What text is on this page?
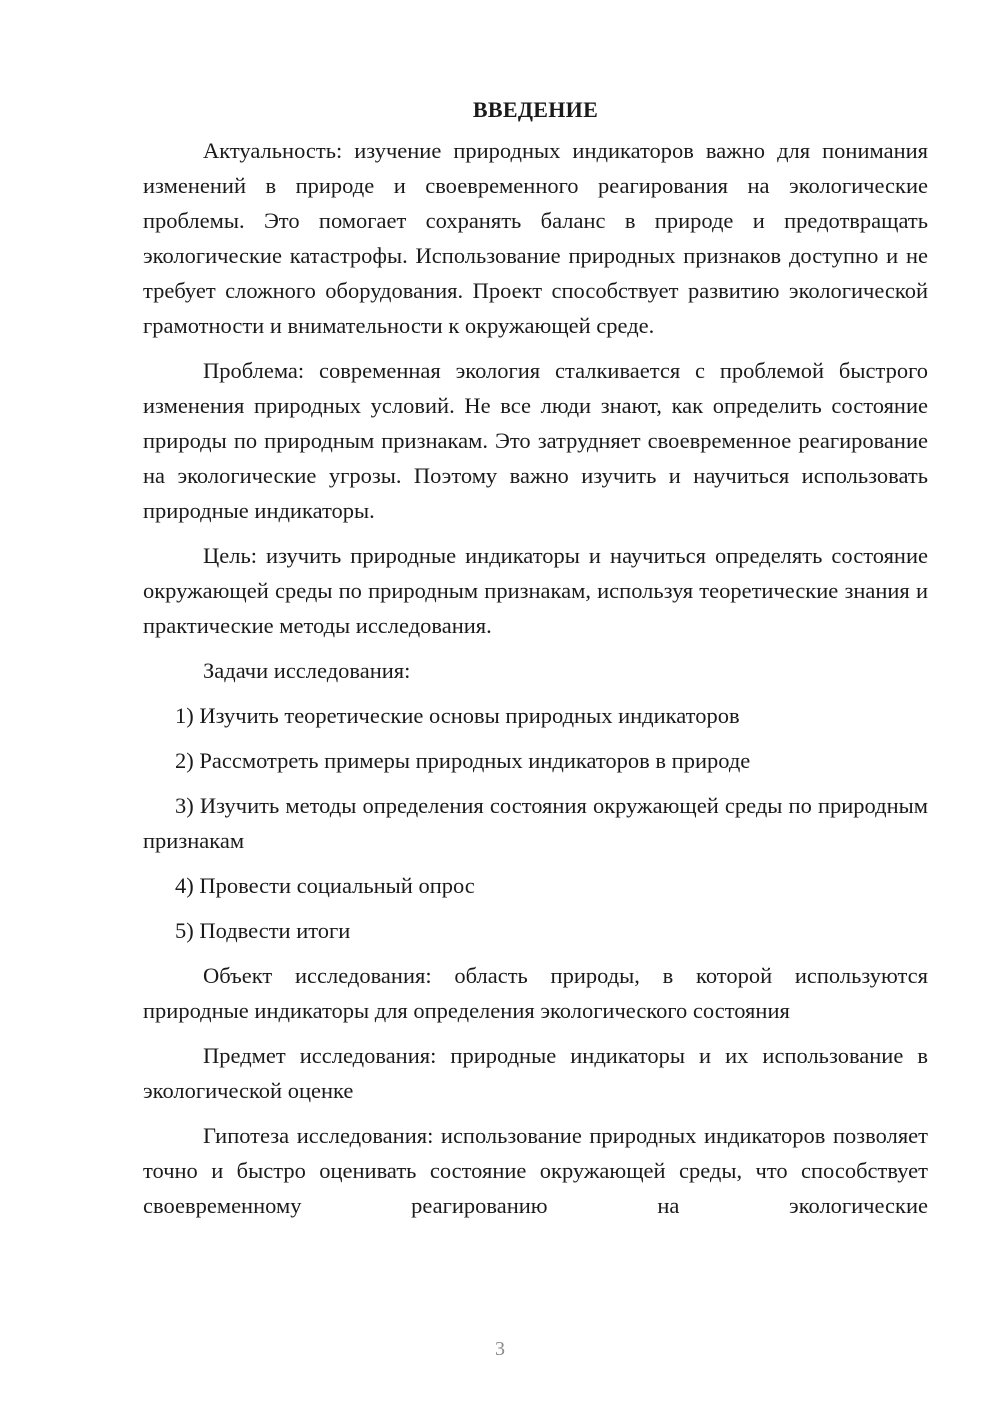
ВВЕДЕНИЕ

Актуальность: изучение природных индикаторов важно для понимания изменений в природе и своевременного реагирования на экологические проблемы. Это помогает сохранять баланс в природе и предотвращать экологические катастрофы. Использование природных признаков доступно и не требует сложного оборудования. Проект способствует развитию экологической грамотности и внимательности к окружающей среде.

Проблема: современная экология сталкивается с проблемой быстрого изменения природных условий. Не все люди знают, как определить состояние природы по природным признакам. Это затрудняет своевременное реагирование на экологические угрозы. Поэтому важно изучить и научиться использовать природные индикаторы.

Цель: изучить природные индикаторы и научиться определять состояние окружающей среды по природным признакам, используя теоретические знания и практические методы исследования.

Задачи исследования:

1) Изучить теоретические основы природных индикаторов

2) Рассмотреть примеры природных индикаторов в природе

3) Изучить методы определения состояния окружающей среды по природным признакам

4) Провести социальный опрос

5) Подвести итоги

Объект исследования: область природы, в которой используются природные индикаторы для определения экологического состояния

Предмет исследования: природные индикаторы и их использование в экологической оценке

Гипотеза исследования: использование природных индикаторов позволяет точно и быстро оценивать состояние окружающей среды, что способствует своевременному реагированию на экологические

3
